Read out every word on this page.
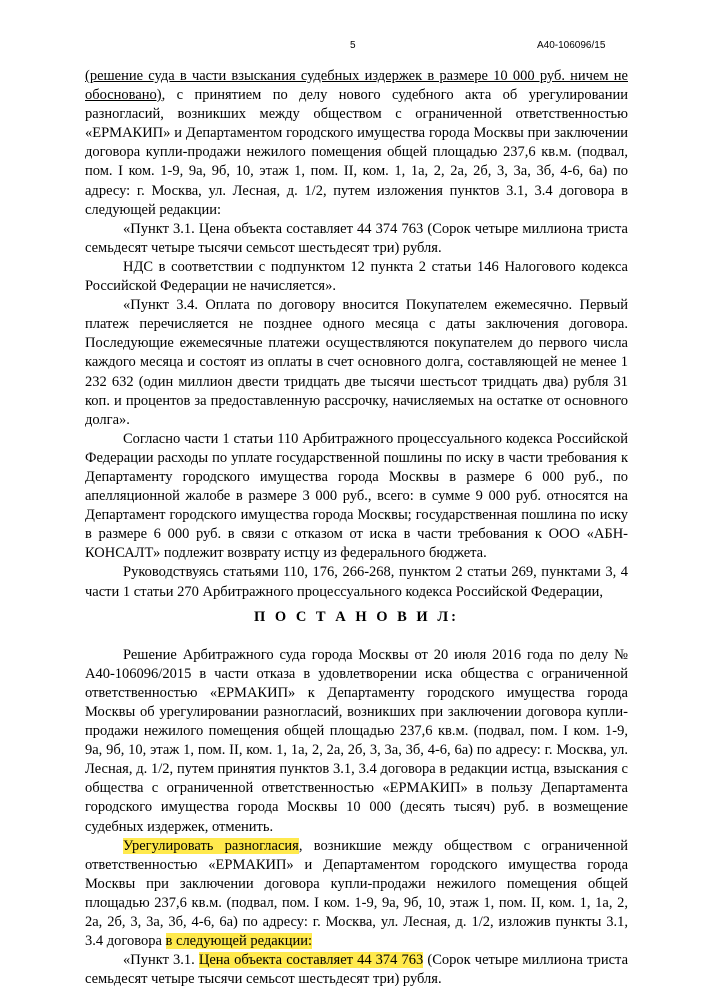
5	А40-106096/15

(решение суда в части взыскания судебных издержек в размере 10 000 руб. ничем не обосновано), с принятием по делу нового судебного акта об урегулировании разногласий, возникших между обществом с ограниченной ответственностью «ЕРМАКИП» и Департаментом городского имущества города Москвы при заключении договора купли-продажи нежилого помещения общей площадью 237,6 кв.м. (подвал, пом. I ком. 1-9, 9а, 9б, 10, этаж 1, пом. II, ком. 1, 1а, 2, 2а, 2б, 3, 3а, 3б, 4-6, 6а) по адресу: г. Москва, ул. Лесная, д. 1/2, путем изложения пунктов 3.1, 3.4 договора в следующей редакции:

«Пункт 3.1. Цена объекта составляет 44 374 763 (Сорок четыре миллиона триста семьдесят четыре тысячи семьсот шестьдесят три) рубля.

НДС в соответствии с подпунктом 12 пункта 2 статьи 146 Налогового кодекса Российской Федерации не начисляется».

«Пункт 3.4. Оплата по договору вносится Покупателем ежемесячно. Первый платеж перечисляется не позднее одного месяца с даты заключения договора. Последующие ежемесячные платежи осуществляются покупателем до первого числа каждого месяца и состоят из оплаты в счет основного долга, составляющей не менее 1 232 632 (один миллион двести тридцать две тысячи шестьсот тридцать два) рубля 31 коп. и процентов за предоставленную рассрочку, начисляемых на остатке от основного долга».

Согласно части 1 статьи 110 Арбитражного процессуального кодекса Российской Федерации расходы по уплате государственной пошлины по иску в части требования к Департаменту городского имущества города Москвы в размере 6 000 руб., по апелляционной жалобе в размере 3 000 руб., всего: в сумме 9 000 руб. относятся на Департамент городского имущества города Москвы; государственная пошлина по иску в размере 6 000 руб. в связи с отказом от иска в части требования к ООО «АБН-КОНСАЛТ» подлежит возврату истцу из федерального бюджета.

Руководствуясь статьями 110, 176, 266-268, пунктом 2 статьи 269, пунктами 3, 4 части 1 статьи 270 Арбитражного процессуального кодекса Российской Федерации,

П О С Т А Н О В И Л:

Решение Арбитражного суда города Москвы от 20 июля 2016 года по делу № А40-106096/2015 в части отказа в удовлетворении иска общества с ограниченной ответственностью «ЕРМАКИП» к Департаменту городского имущества города Москвы об урегулировании разногласий, возникших при заключении договора купли-продажи нежилого помещения общей площадью 237,6 кв.м. (подвал, пом. I ком. 1-9, 9а, 9б, 10, этаж 1, пом. II, ком. 1, 1а, 2, 2а, 2б, 3, 3а, 3б, 4-6, 6а) по адресу: г. Москва, ул. Лесная, д. 1/2, путем принятия пунктов 3.1, 3.4 договора в редакции истца, взыскания с общества с ограниченной ответственностью «ЕРМАКИП» в пользу Департамента городского имущества города Москвы 10 000 (десять тысяч) руб. в возмещение судебных издержек, отменить.

Урегулировать разногласия, возникшие между обществом с ограниченной ответственностью «ЕРМАКИП» и Департаментом городского имущества города Москвы при заключении договора купли-продажи нежилого помещения общей площадью 237,6 кв.м. (подвал, пом. I ком. 1-9, 9а, 9б, 10, этаж 1, пом. II, ком. 1, 1а, 2, 2а, 2б, 3, 3а, 3б, 4-6, 6а) по адресу: г. Москва, ул. Лесная, д. 1/2, изложив пункты 3.1, 3.4 договора в следующей редакции:

«Пункт 3.1. Цена объекта составляет 44 374 763 (Сорок четыре миллиона триста семьдесят четыре тысячи семьсот шестьдесят три) рубля.
